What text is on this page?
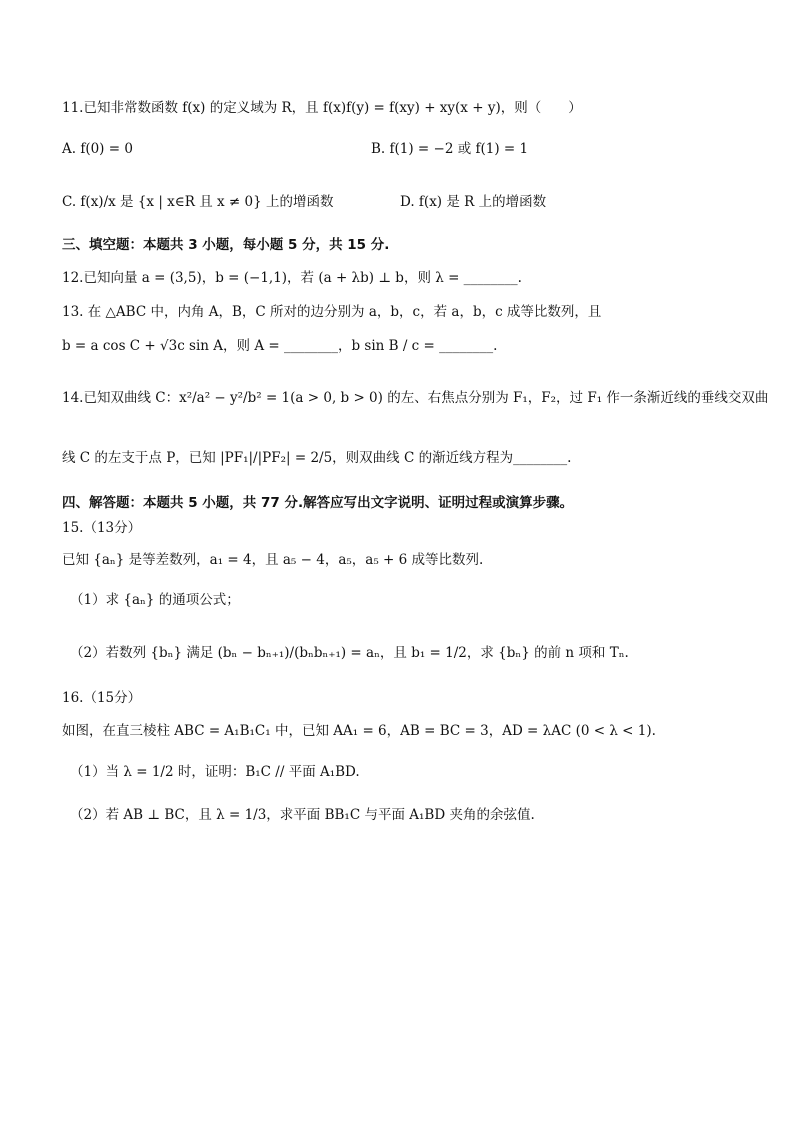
11.已知非常数函数 f(x) 的定义域为 R，且 f(x)f(y) = f(xy) + xy(x + y)，则（　　）
A. f(0) = 0	B. f(1) = −2 或 f(1) = 1
C. f(x)/x 是 {x | x∈R 且 x ≠ 0} 上的增函数	D. f(x) 是 R 上的增函数
三、填空题：本题共 3 小题，每小题 5 分，共 15 分.
12.已知向量 a = (3,5)，b = (−1,1)，若 (a + λb) ⊥ b，则 λ = ________.
13. 在 △ABC 中，内角 A，B，C 所对的边分别为 a，b，c，若 a，b，c 成等比数列，且
b = a cos C + √3c sin A，则 A = ________，b sin B / c = ________.
14.已知双曲线 C：x²/a² − y²/b² = 1(a > 0, b > 0) 的左、右焦点分别为 F₁，F₂，过 F₁ 作一条渐近线的垂线交双曲
线 C 的左支于点 P，已知 |PF₁|/|PF₂| = 2/5，则双曲线 C 的渐近线方程为________.
四、解答题：本题共 5 小题，共 77 分.解答应写出文字说明、证明过程或演算步骤。
15.（13分）
已知 {aₙ} 是等差数列，a₁ = 4，且 a₅ − 4，a₅，a₅ + 6 成等比数列.
（1）求 {aₙ} 的通项公式；
（2）若数列 {bₙ} 满足 (bₙ − bₙ₊₁)/(bₙbₙ₊₁) = aₙ，且 b₁ = 1/2，求 {bₙ} 的前 n 项和 Tₙ.
16.（15分）
如图，在直三棱柱 ABC = A₁B₁C₁ 中，已知 AA₁ = 6，AB = BC = 3，AD = λAC (0 < λ < 1).
（1）当 λ = 1/2 时，证明：B₁C // 平面 A₁BD.
（2）若 AB ⊥ BC，且 λ = 1/3，求平面 BB₁C 与平面 A₁BD 夹角的余弦值.
